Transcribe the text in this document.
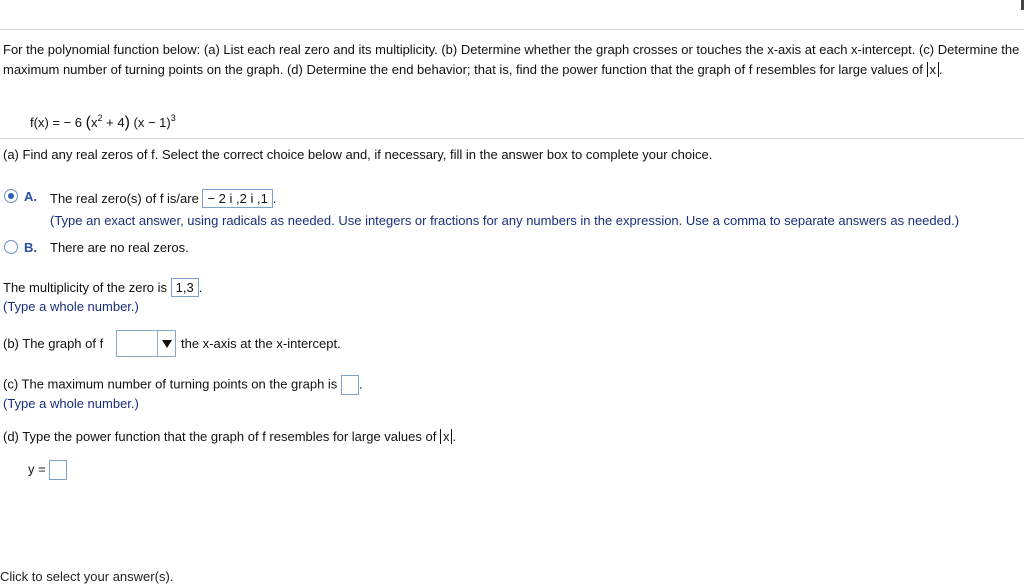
For the polynomial function below: (a) List each real zero and its multiplicity. (b) Determine whether the graph crosses or touches the x-axis at each x-intercept. (c) Determine the maximum number of turning points on the graph. (d) Determine the end behavior; that is, find the power function that the graph of f resembles for large values of x .
f(x) = − 6 $(x^2 + 4) (x - 1)^3$
(a) Find any real zeros of f. Select the correct choice below and, if necessary, fill in the answer box to complete your choice.
A. The real zero(s) of f is/are − 2 i ,2 i ,1 .
(Type an exact answer, using radicals as needed. Use integers or fractions for any numbers in the expression. Use a comma to separate answers as needed.)
B. There are no real zeros.
The multiplicity of the zero is 1,3 .
(Type a whole number.)
(b) The graph of f	the x-axis at the x-intercept.
(c) The maximum number of turning points on the graph is .
(Type a whole number.)
(d) Type the power function that the graph of f resembles for large values of x .
y =
Click to select your answer(s).
